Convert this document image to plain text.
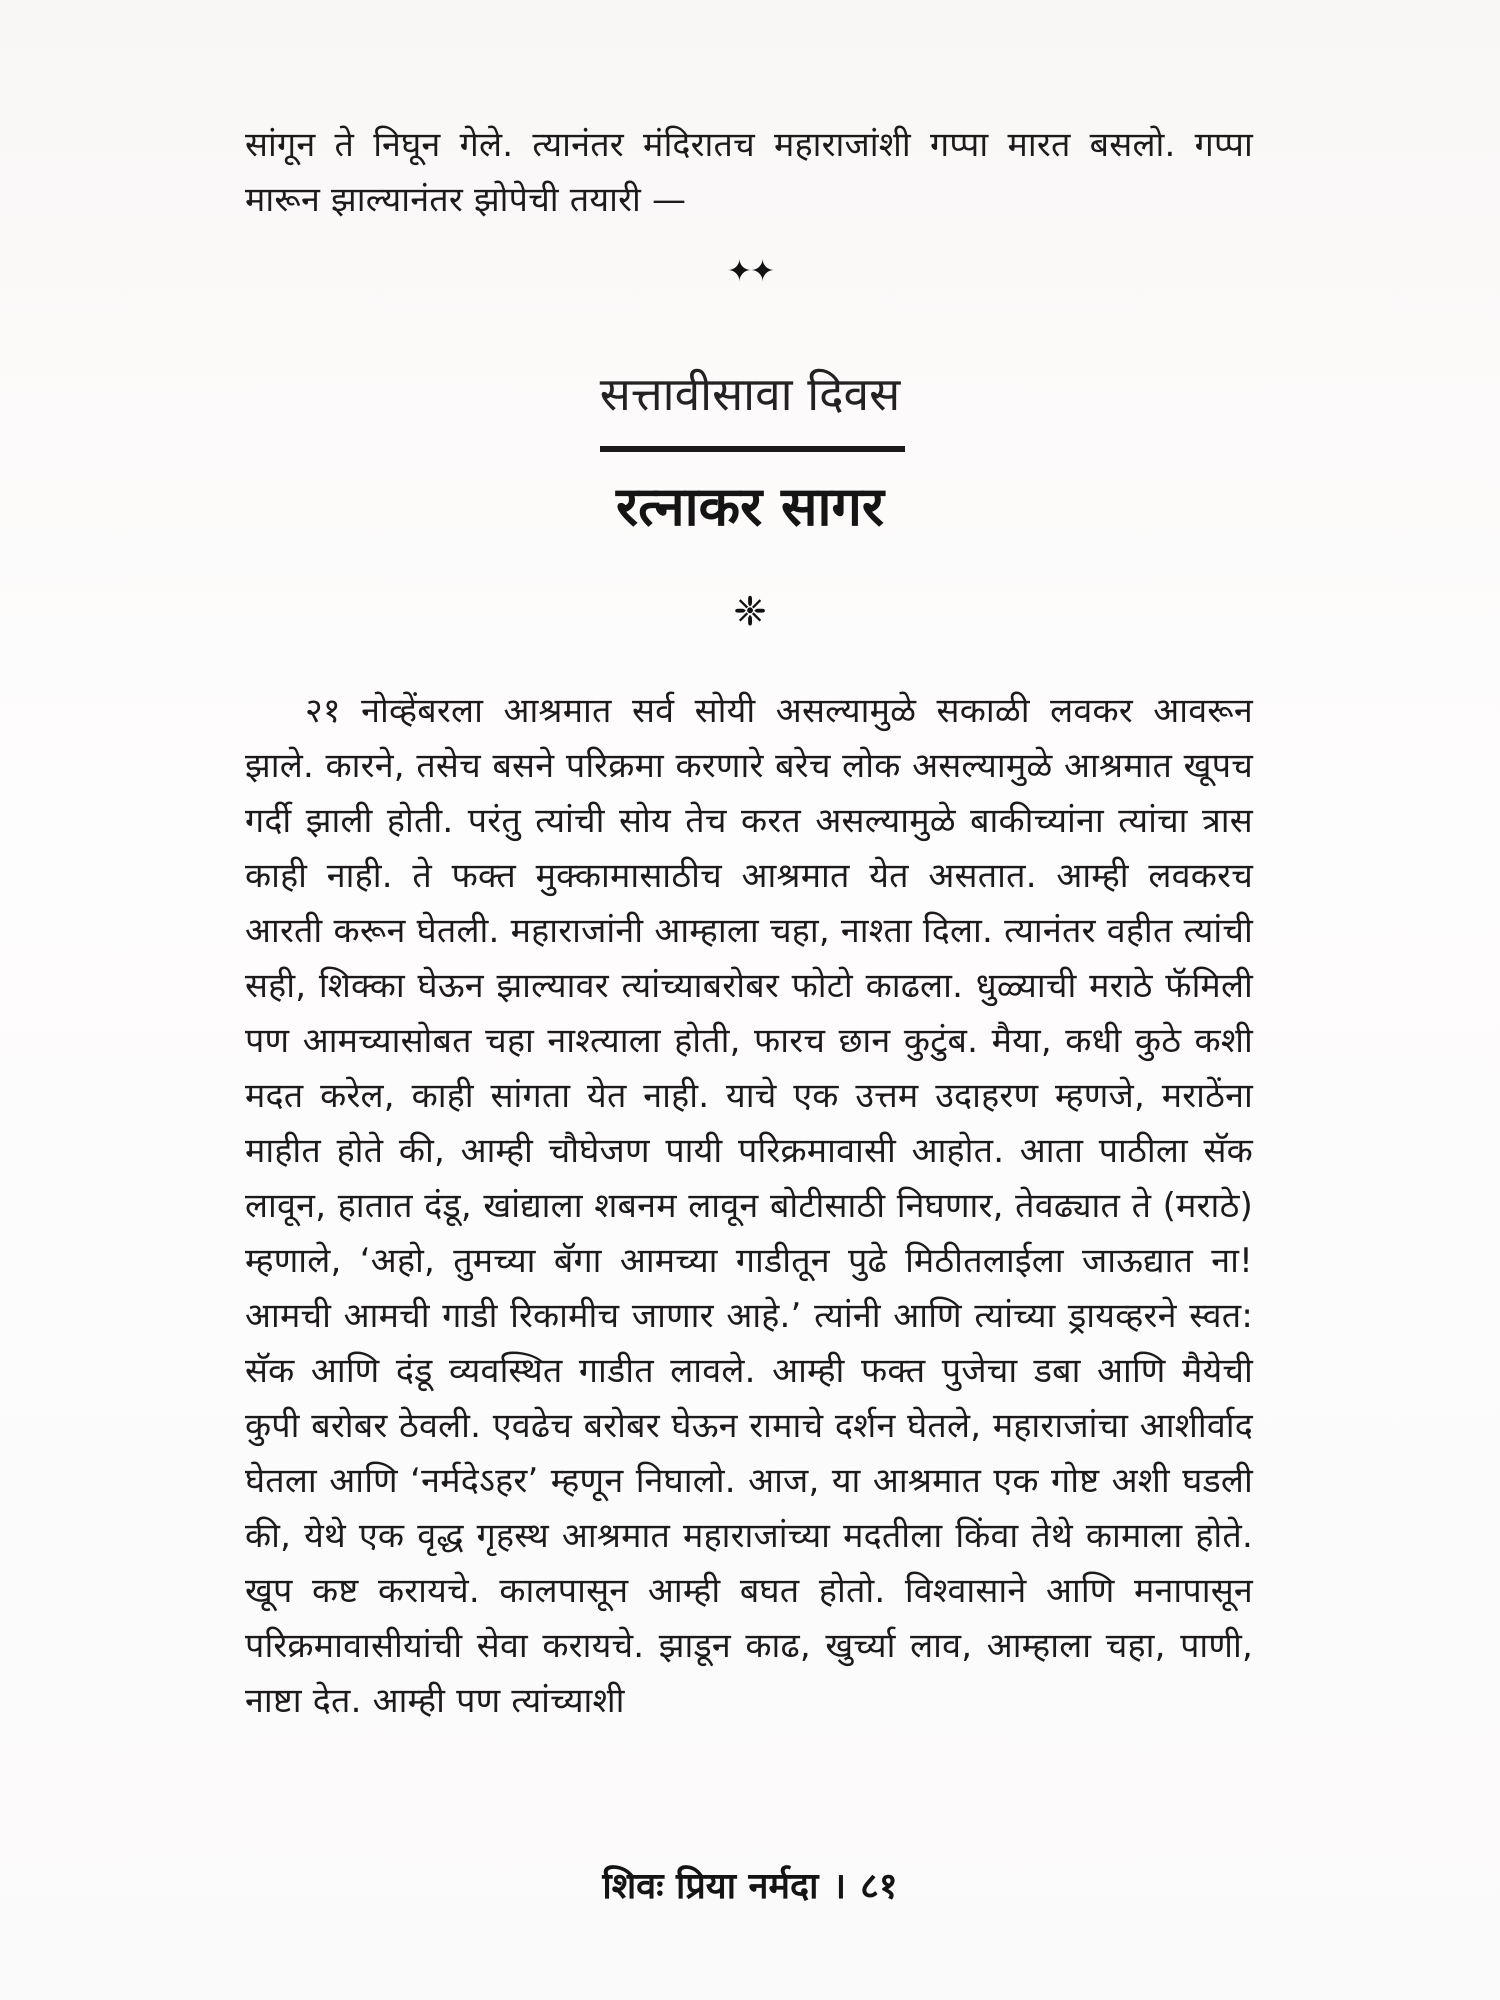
सांगून ते निघून गेले. त्यानंतर मंदिरातच महाराजांशी गप्पा मारत बसलो. गप्पा मारून झाल्यानंतर झोपेची तयारी —

✦✦
सत्तावीसावा दिवस
रत्नाकर सागर
❈

२१ नोव्हेंबरला आश्रमात सर्व सोयी असल्यामुळे सकाळी लवकर आवरून झाले. कारने, तसेच बसने परिक्रमा करणारे बरेच लोक असल्यामुळे आश्रमात खूपच गर्दी झाली होती. परंतु त्यांची सोय तेच करत असल्यामुळे बाकीच्यांना त्यांचा त्रास काही नाही. ते फक्त मुक्कामासाठीच आश्रमात येत असतात. आम्ही लवकरच आरती करून घेतली. महाराजांनी आम्हाला चहा, नाश्ता दिला. त्यानंतर वहीत त्यांची सही, शिक्का घेऊन झाल्यावर त्यांच्याबरोबर फोटो काढला. धुळ्याची मराठे फॅमिली पण आमच्यासोबत चहा नाश्त्याला होती, फारच छान कुटुंब. मैया, कधी कुठे कशी मदत करेल, काही सांगता येत नाही. याचे एक उत्तम उदाहरण म्हणजे, मराठेंना माहीत होते की, आम्ही चौघेजण पायी परिक्रमावासी आहोत. आता पाठीला सॅक लावून, हातात दंडू, खांद्याला शबनम लावून बोटीसाठी निघणार, तेवढ्यात ते (मराठे) म्हणाले, ‘अहो, तुमच्या बॅगा आमच्या गाडीतून पुढे मिठीतलाईला जाऊद्यात ना! आमची आमची गाडी रिकामीच जाणार आहे.’ त्यांनी आणि त्यांच्या ड्रायव्हरने स्वत: सॅक आणि दंडू व्यवस्थित गाडीत लावले. आम्ही फक्त पुजेचा डबा आणि मैयेची कुपी बरोबर ठेवली. एवढेच बरोबर घेऊन रामाचे दर्शन घेतले, महाराजांचा आशीर्वाद घेतला आणि ‘नर्मदेऽहर’ म्हणून निघालो. आज, या आश्रमात एक गोष्ट अशी घडली की, येथे एक वृद्ध गृहस्थ आश्रमात महाराजांच्या मदतीला किंवा तेथे कामाला होते. खूप कष्ट करायचे. कालपासून आम्ही बघत होतो. विश्वासाने आणि मनापासून परिक्रमावासीयांची सेवा करायचे. झाडून काढ, खुर्च्या लाव, आम्हाला चहा, पाणी, नाष्टा देत. आम्ही पण त्यांच्याशी

शिवः प्रिया नर्मदा । ८१
